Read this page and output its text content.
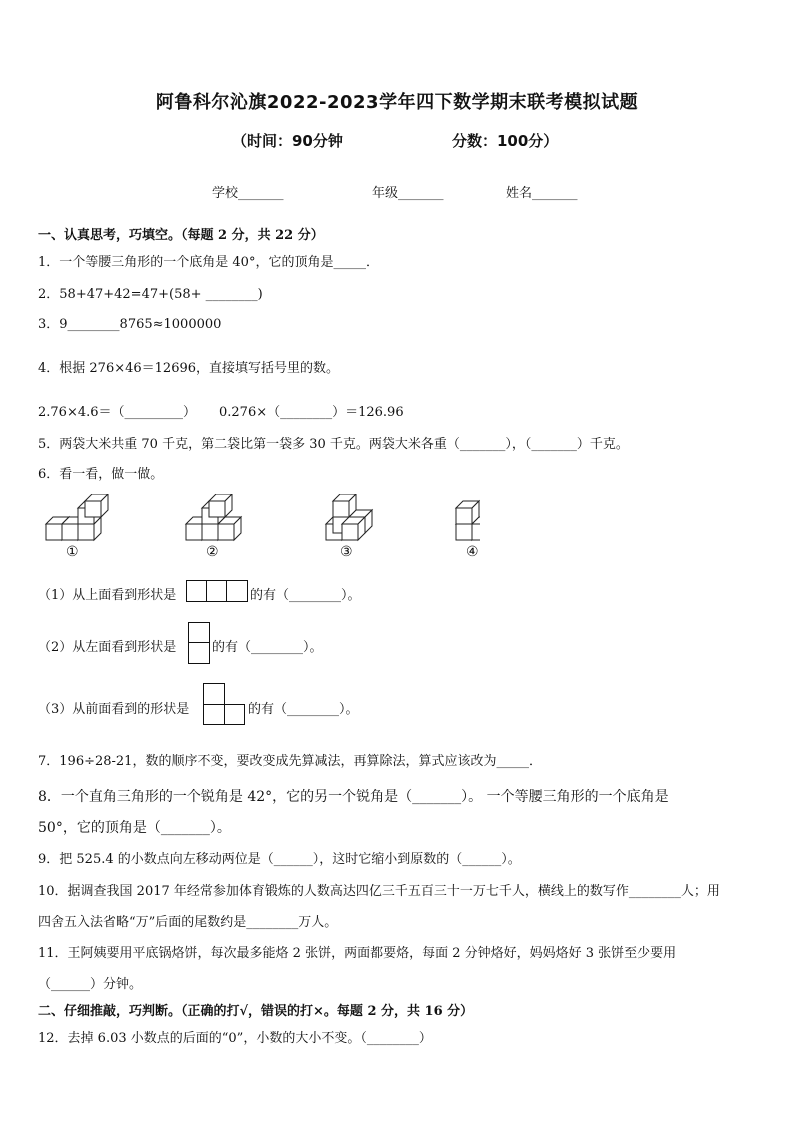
阿鲁科尔沁旗2022-2023学年四下数学期末联考模拟试题
（时间：90分钟	分数：100分）
学校_______	年级_______	姓名_______
一、认真思考，巧填空。（每题 2 分，共 22 分）
1．一个等腰三角形的一个底角是 40°，它的顶角是_____．
2．58+47+42=47+(58+ ________)
3．9________8765≈1000000
4．根据 276×46＝12696，直接填写括号里的数。
2.76×4.6＝（_________） 0.276×（________）＝126.96
5．两袋大米共重 70 千克，第二袋比第一袋多 30 千克。两袋大米各重（_______），（_______）千克。
6．看一看，做一做。
①	②	③	④
（1）从上面看到形状是	的有（________）。
（2）从左面看到形状是	的有（________）。
（3）从前面看到的形状是	的有（________）。
7．196÷28-21，数的顺序不变，要改变成先算减法，再算除法，算式应该改为_____．
8．一个直角三角形的一个锐角是 42°，它的另一个锐角是（_______）。 一个等腰三角形的一个底角是
50°，它的顶角是（_______）。
9．把 525.4 的小数点向左移动两位是（______），这时它缩小到原数的（______）。
10．据调查我国 2017 年经常参加体育锻炼的人数高达四亿三千五百三十一万七千人，横线上的数写作________人；用
四舍五入法省略“万”后面的尾数约是________万人。
11．王阿姨要用平底锅烙饼，每次最多能烙 2 张饼，两面都要烙，每面 2 分钟烙好，妈妈烙好 3 张饼至少要用
（______）分钟。
二、仔细推敲，巧判断。（正确的打√，错误的打×。每题 2 分，共 16 分）
12．去掉 6.03 小数点的后面的“0”，小数的大小不变。（________）
